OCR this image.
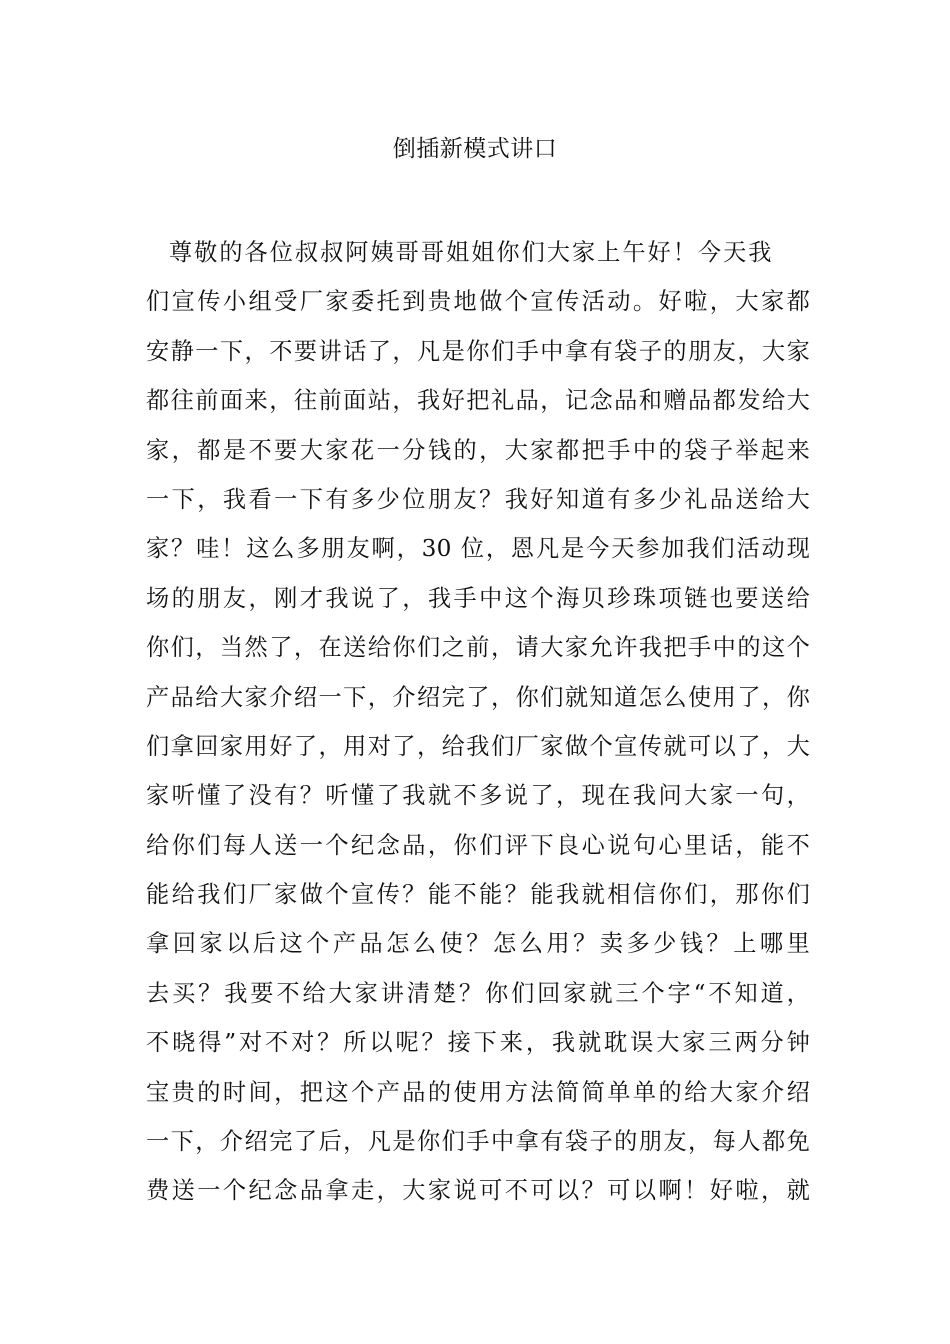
倒插新模式讲口
尊敬的各位叔叔阿姨哥哥姐姐你们大家上午好！今天我
们宣传小组受厂家委托到贵地做个宣传活动。好啦，大家都
安静一下，不要讲话了，凡是你们手中拿有袋子的朋友，大家
都往前面来，往前面站，我好把礼品，记念品和赠品都发给大
家，都是不要大家花一分钱的，大家都把手中的袋子举起来
一下，我看一下有多少位朋友？我好知道有多少礼品送给大
家？哇！这么多朋友啊，30 位，恩凡是今天参加我们活动现
场的朋友，刚才我说了，我手中这个海贝珍珠项链也要送给
你们，当然了，在送给你们之前，请大家允许我把手中的这个
产品给大家介绍一下，介绍完了，你们就知道怎么使用了，你
们拿回家用好了，用对了，给我们厂家做个宣传就可以了，大
家听懂了没有？听懂了我就不多说了，现在我问大家一句，
给你们每人送一个纪念品，你们评下良心说句心里话，能不
能给我们厂家做个宣传？能不能？能我就相信你们，那你们
拿回家以后这个产品怎么使？怎么用？卖多少钱？上哪里
去买？我要不给大家讲清楚？你们回家就三个字“不知道，
不晓得”对不对？所以呢？接下来，我就耽误大家三两分钟
宝贵的时间，把这个产品的使用方法简简单单的给大家介绍
一下，介绍完了后，凡是你们手中拿有袋子的朋友，每人都免
费送一个纪念品拿走，大家说可不可以？可以啊！好啦，就
